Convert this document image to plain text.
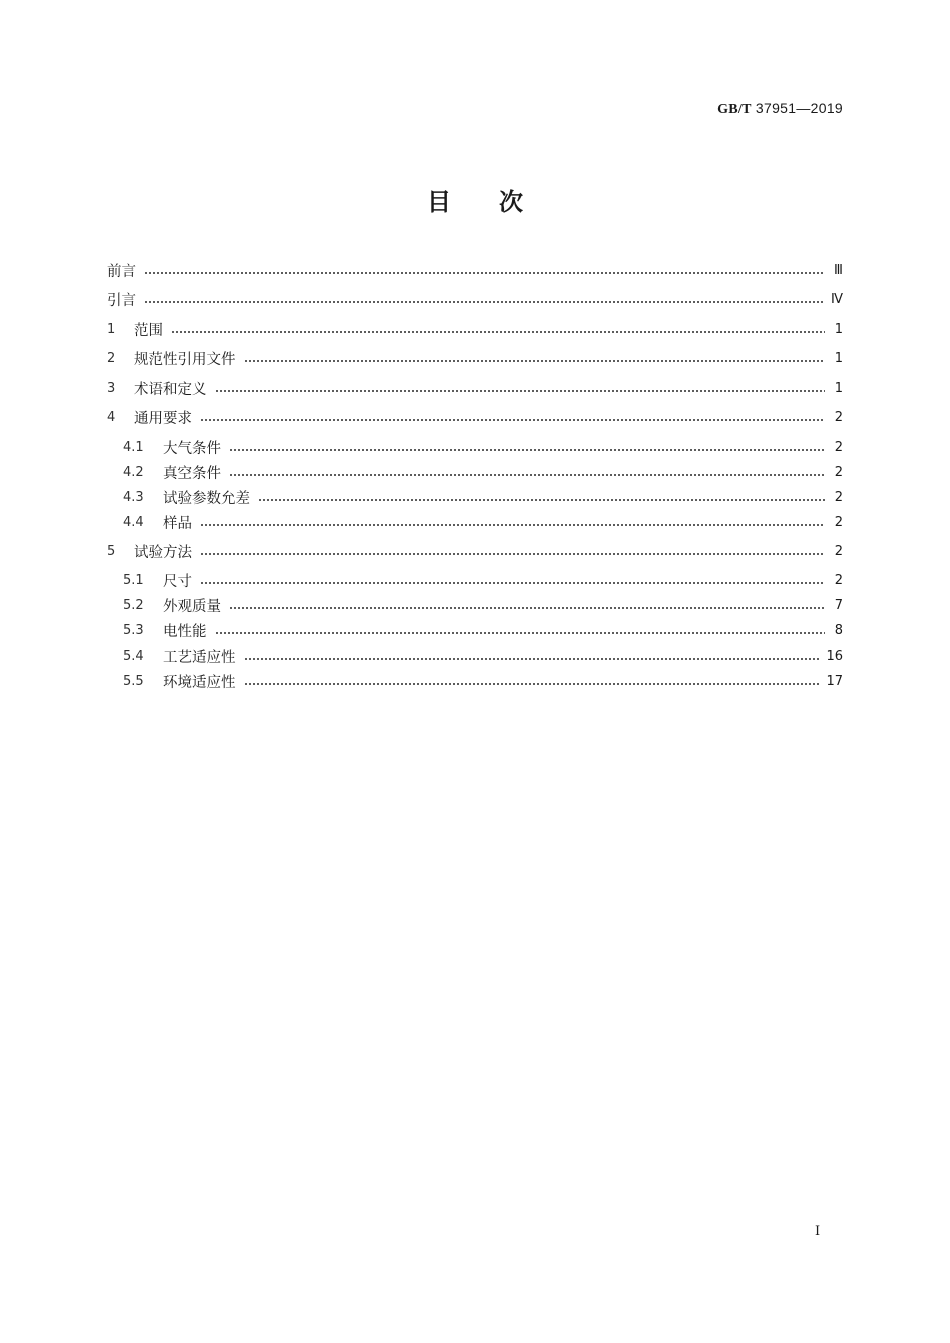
GB/T 37951—2019
目次
前言	Ⅲ
引言	Ⅳ
1	范围	1
2	规范性引用文件	1
3	术语和定义	1
4	通用要求	2
4.1	大气条件	2
4.2	真空条件	2
4.3	试验参数允差	2
4.4	样品	2
5	试验方法	2
5.1	尺寸	2
5.2	外观质量	7
5.3	电性能	8
5.4	工艺适应性	16
5.5	环境适应性	17
I
